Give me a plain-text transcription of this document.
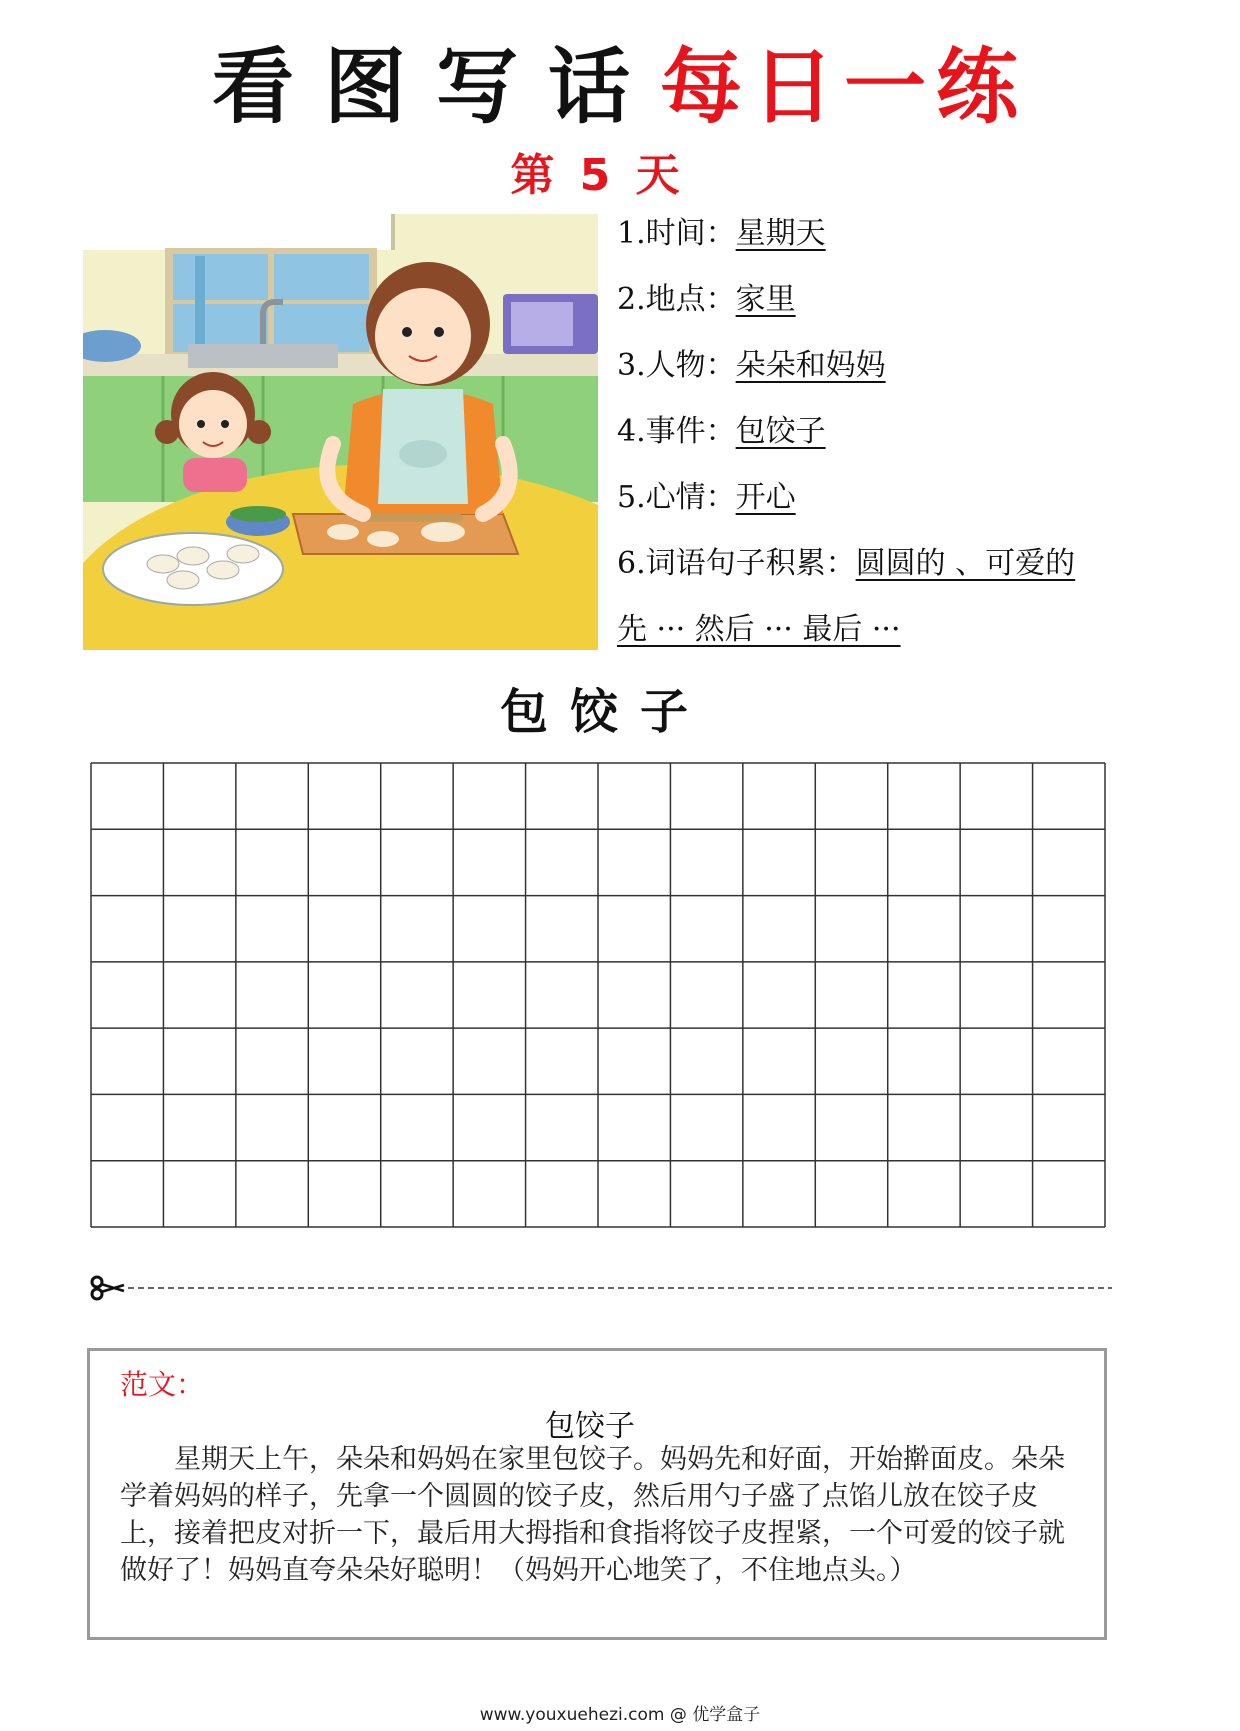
看图写话每日一练
第 5 天
1.时间：星期天
2.地点：家里
3.人物：朵朵和妈妈
4.事件：包饺子
5.心情：开心
6.词语句子积累：圆圆的 、可爱的
先 ··· 然后 ··· 最后 ···
包饺子
范文：
包饺子
星期天上午，朵朵和妈妈在家里包饺子。妈妈先和好面，开始擀面皮。朵朵学着妈妈的样子，先拿一个圆圆的饺子皮，然后用勺子盛了点馅儿放在饺子皮上，接着把皮对折一下，最后用大拇指和食指将饺子皮捏紧，一个可爱的饺子就做好了！妈妈直夸朵朵好聪明！（妈妈开心地笑了，不住地点头。）
www.youxuehezi.com @ 优学盒子
